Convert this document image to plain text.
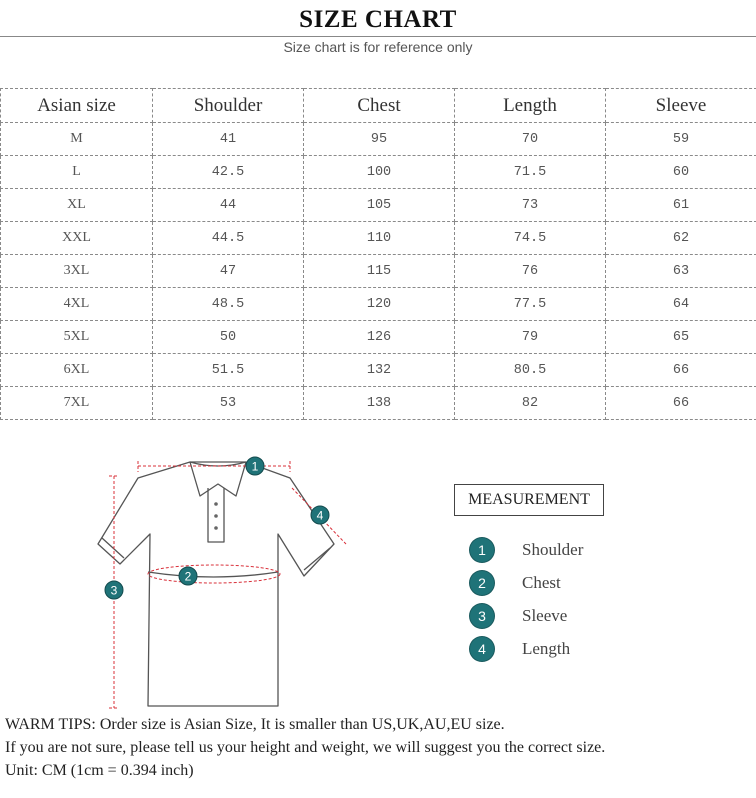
SIZE CHART
Size chart is for reference only
Asian size	Shoulder	Chest	Length	Sleeve
M	41	95	70	59
L	42.5	100	71.5	60
XL	44	105	73	61
XXL	44.5	110	74.5	62
3XL	47	115	76	63
4XL	48.5	120	77.5	64
5XL	50	126	79	65
6XL	51.5	132	80.5	66
7XL	53	138	82	66
1
2
3
4
MEASUREMENT
1	Shoulder
2	Chest
3	Sleeve
4	Length
WARM TIPS: Order size is Asian Size, It is smaller than US,UK,AU,EU size.
If you are not sure, please tell us your height and weight, we will suggest you the correct size.
Unit: CM (1cm = 0.394 inch)
